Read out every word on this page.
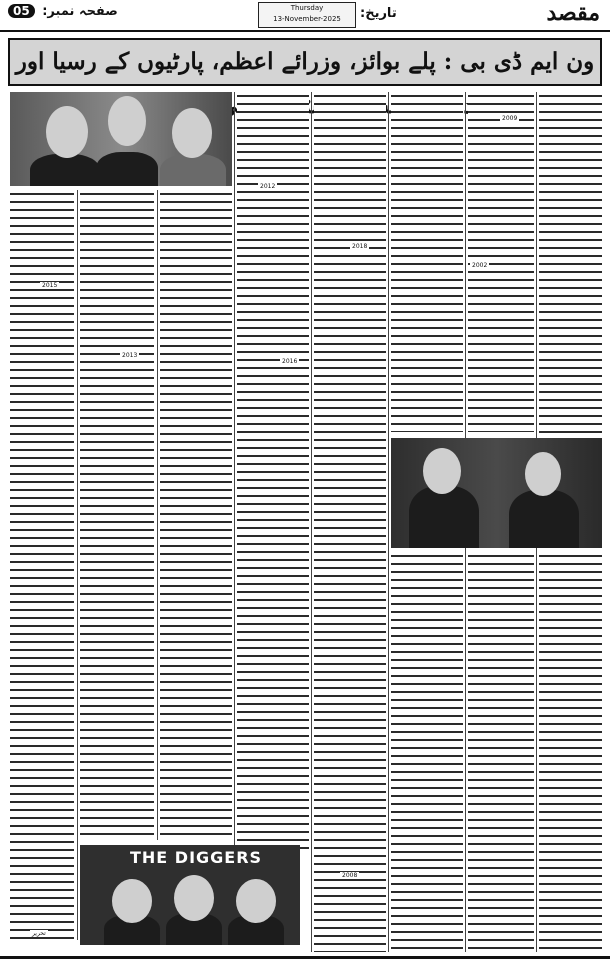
صفحہ نمبر: 05	Thursday
13-November-2025	تاریخ:	مقصد
ون ایم ڈی بی : پلے بوائز، وزرائے اعظم، پارٹیوں کے رسیا اور سب
2015
2013
2012
2018
2009
2016
2002
2008
THE DIGGERS
تحریر
